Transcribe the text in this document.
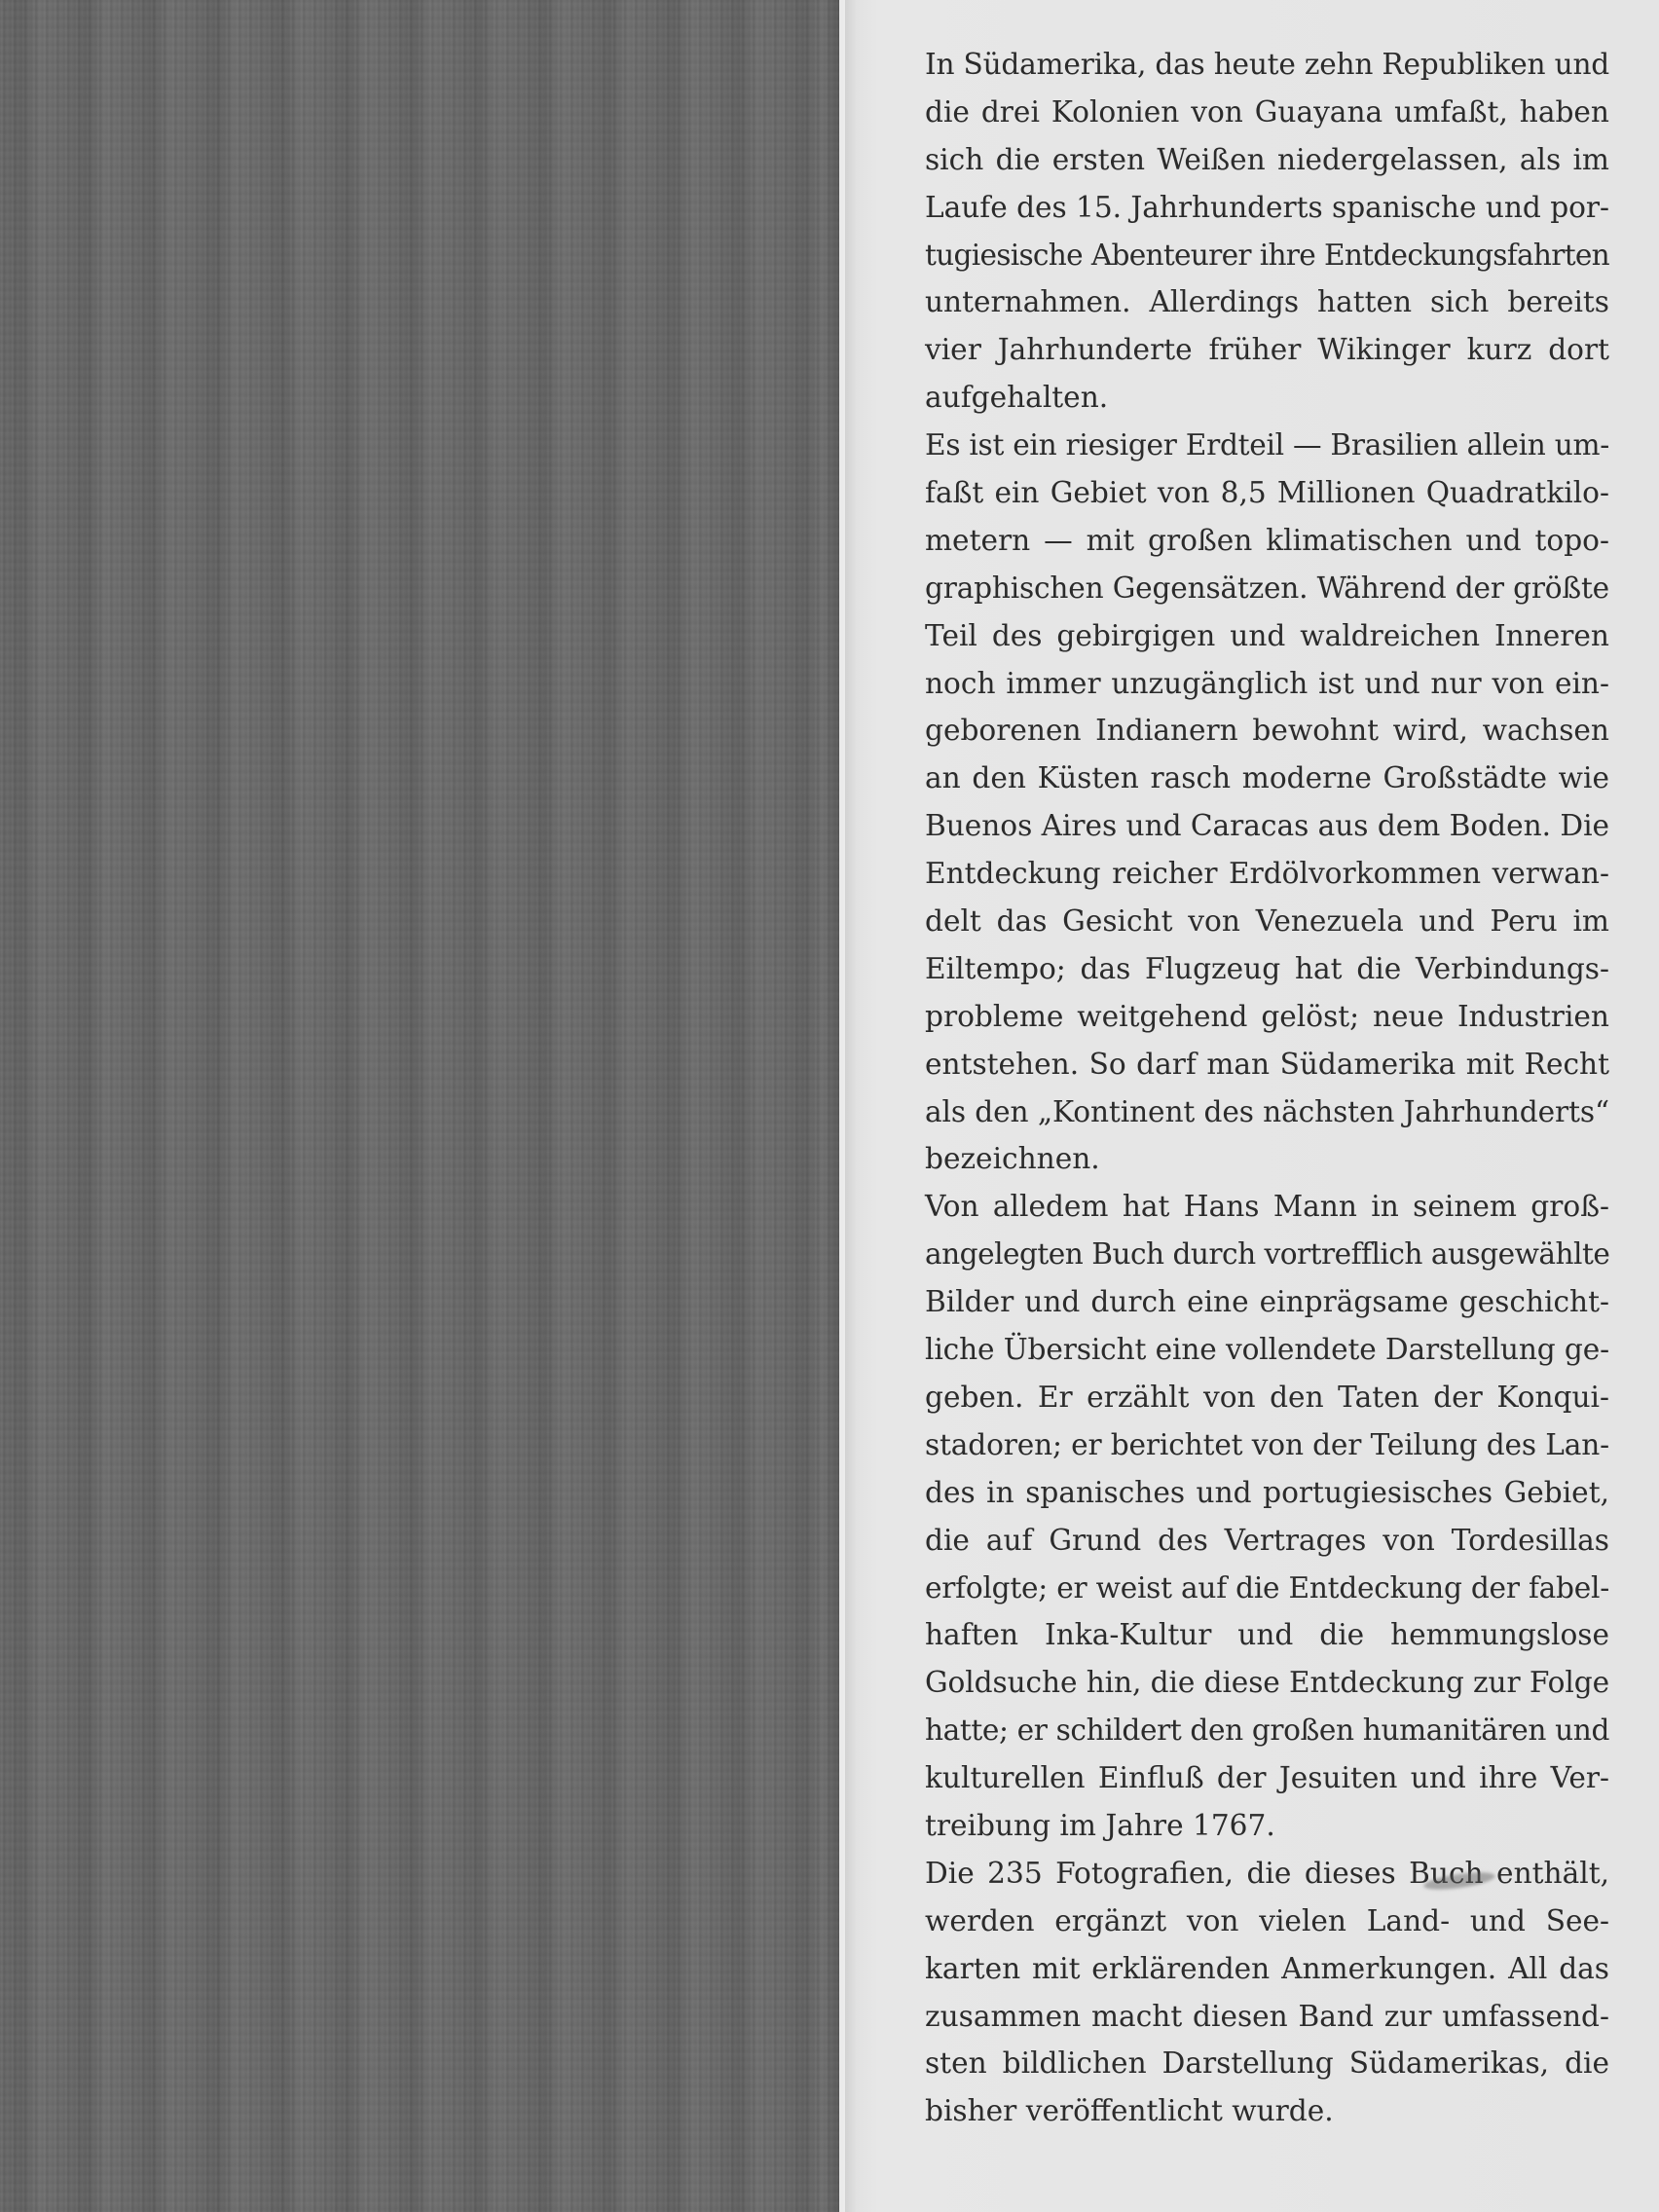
In Südamerika, das heute zehn Republiken und
die drei Kolonien von Guayana umfaßt, haben
sich die ersten Weißen niedergelassen, als im
Laufe des 15. Jahrhunderts spanische und por-
tugiesische Abenteurer ihre Entdeckungsfahrten
unternahmen. Allerdings hatten sich bereits
vier Jahrhunderte früher Wikinger kurz dort
aufgehalten.
Es ist ein riesiger Erdteil — Brasilien allein um-
faßt ein Gebiet von 8,5 Millionen Quadratkilo-
metern — mit großen klimatischen und topo-
graphischen Gegensätzen. Während der größte
Teil des gebirgigen und waldreichen Inneren
noch immer unzugänglich ist und nur von ein-
geborenen Indianern bewohnt wird, wachsen
an den Küsten rasch moderne Großstädte wie
Buenos Aires und Caracas aus dem Boden. Die
Entdeckung reicher Erdölvorkommen verwan-
delt das Gesicht von Venezuela und Peru im
Eiltempo; das Flugzeug hat die Verbindungs-
probleme weitgehend gelöst; neue Industrien
entstehen. So darf man Südamerika mit Recht
als den „Kontinent des nächsten Jahrhunderts“
bezeichnen.
Von alledem hat Hans Mann in seinem groß-
angelegten Buch durch vortrefflich ausgewählte
Bilder und durch eine einprägsame geschicht-
liche Übersicht eine vollendete Darstellung ge-
geben. Er erzählt von den Taten der Konqui-
stadoren; er berichtet von der Teilung des Lan-
des in spanisches und portugiesisches Gebiet,
die auf Grund des Vertrages von Tordesillas
erfolgte; er weist auf die Entdeckung der fabel-
haften Inka-Kultur und die hemmungslose
Goldsuche hin, die diese Entdeckung zur Folge
hatte; er schildert den großen humanitären und
kulturellen Einfluß der Jesuiten und ihre Ver-
treibung im Jahre 1767.
Die 235 Fotografien, die dieses Buch enthält,
werden ergänzt von vielen Land- und See-
karten mit erklärenden Anmerkungen. All das
zusammen macht diesen Band zur umfassend-
sten bildlichen Darstellung Südamerikas, die
bisher veröffentlicht wurde.
